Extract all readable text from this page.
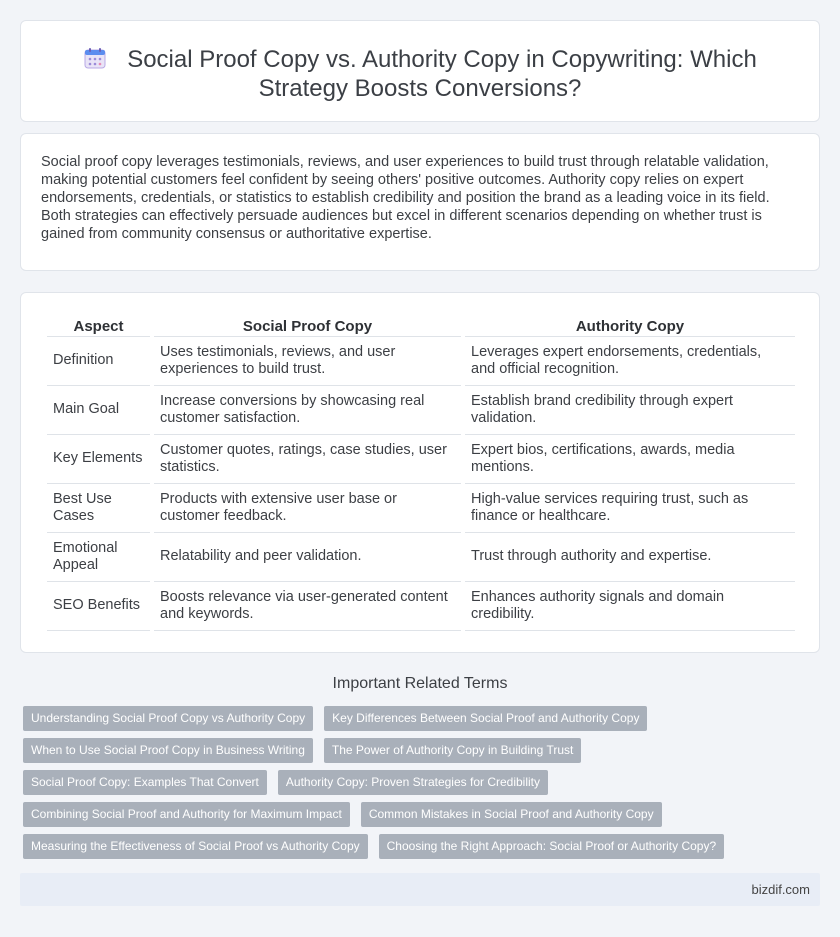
Social Proof Copy vs. Authority Copy in Copywriting: Which Strategy Boosts Conversions?

Social proof copy leverages testimonials, reviews, and user experiences to build trust through relatable validation, making potential customers feel confident by seeing others' positive outcomes. Authority copy relies on expert endorsements, credentials, or statistics to establish credibility and position the brand as a leading voice in its field. Both strategies can effectively persuade audiences but excel in different scenarios depending on whether trust is gained from community consensus or authoritative expertise.

Aspect	Social Proof Copy	Authority Copy
Definition	Uses testimonials, reviews, and user experiences to build trust.	Leverages expert endorsements, credentials, and official recognition.
Main Goal	Increase conversions by showcasing real customer satisfaction.	Establish brand credibility through expert validation.
Key Elements	Customer quotes, ratings, case studies, user statistics.	Expert bios, certifications, awards, media mentions.
Best Use Cases	Products with extensive user base or customer feedback.	High-value services requiring trust, such as finance or healthcare.
Emotional Appeal	Relatability and peer validation.	Trust through authority and expertise.
SEO Benefits	Boosts relevance via user-generated content and keywords.	Enhances authority signals and domain credibility.
Important Related Terms
Understanding Social Proof Copy vs Authority Copy Key Differences Between Social Proof and Authority Copy
When to Use Social Proof Copy in Business Writing The Power of Authority Copy in Building Trust
Social Proof Copy: Examples That Convert Authority Copy: Proven Strategies for Credibility
Combining Social Proof and Authority for Maximum Impact Common Mistakes in Social Proof and Authority Copy
Measuring the Effectiveness of Social Proof vs Authority Copy Choosing the Right Approach: Social Proof or Authority Copy?
bizdif.com
